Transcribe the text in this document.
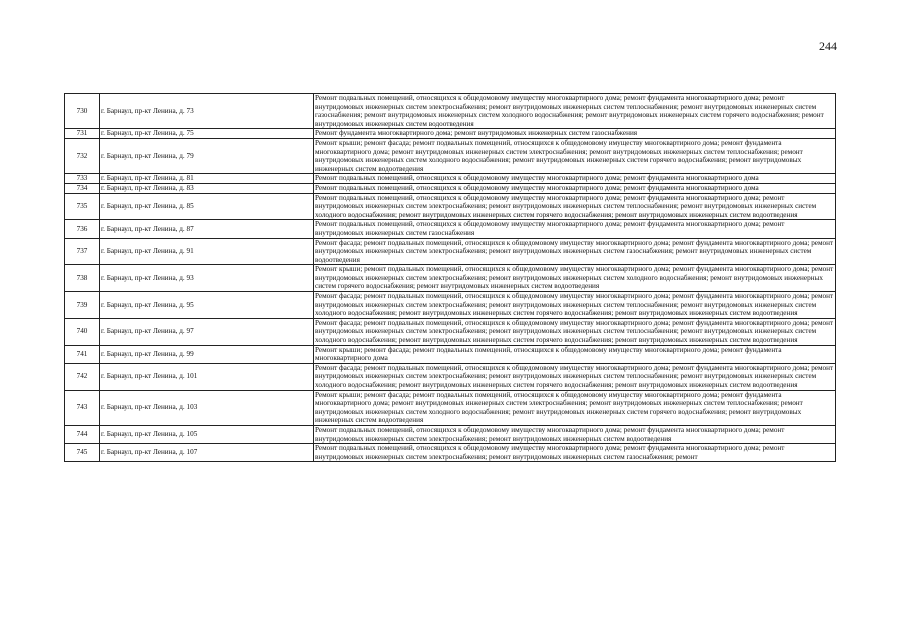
244
730	г. Барнаул, пр-кт Ленина, д. 73	Ремонт подвальных помещений, относящихся к общедомовому имуществу многоквартирного дома; ремонт фундамента многоквартирного дома; ремонт внутридомовых инженерных систем электроснабжения; ремонт внутридомовых инженерных систем теплоснабжения; ремонт внутридомовых инженерных систем газоснабжения; ремонт внутридомовых инженерных систем холодного водоснабжения; ремонт внутридомовых инженерных систем горячего водоснабжения; ремонт внутридомовых инженерных систем водоотведения
731	г. Барнаул, пр-кт Ленина, д. 75	Ремонт фундамента многоквартирного дома; ремонт внутридомовых инженерных систем газоснабжения
732	г. Барнаул, пр-кт Ленина, д. 79	Ремонт крыши; ремонт фасада; ремонт подвальных помещений, относящихся к общедомовому имуществу многоквартирного дома; ремонт фундамента многоквартирного дома; ремонт внутридомовых инженерных систем электроснабжения; ремонт внутридомовых инженерных систем теплоснабжения; ремонт внутридомовых инженерных систем холодного водоснабжения; ремонт внутридомовых инженерных систем горячего водоснабжения; ремонт внутридомовых инженерных систем водоотведения
733	г. Барнаул, пр-кт Ленина, д. 81	Ремонт подвальных помещений, относящихся к общедомовому имуществу многоквартирного дома; ремонт фундамента многоквартирного дома
734	г. Барнаул, пр-кт Ленина, д. 83	Ремонт подвальных помещений, относящихся к общедомовому имуществу многоквартирного дома; ремонт фундамента многоквартирного дома
735	г. Барнаул, пр-кт Ленина, д. 85	Ремонт подвальных помещений, относящихся к общедомовому имуществу многоквартирного дома; ремонт фундамента многоквартирного дома; ремонт внутридомовых инженерных систем электроснабжения; ремонт внутридомовых инженерных систем теплоснабжения; ремонт внутридомовых инженерных систем холодного водоснабжения; ремонт внутридомовых инженерных систем горячего водоснабжения; ремонт внутридомовых инженерных систем водоотведения
736	г. Барнаул, пр-кт Ленина, д. 87	Ремонт подвальных помещений, относящихся к общедомовому имуществу многоквартирного дома; ремонт фундамента многоквартирного дома; ремонт внутридомовых инженерных систем газоснабжения
737	г. Барнаул, пр-кт Ленина, д. 91	Ремонт фасада; ремонт подвальных помещений, относящихся к общедомовому имуществу многоквартирного дома; ремонт фундамента многоквартирного дома; ремонт внутридомовых инженерных систем электроснабжения; ремонт внутридомовых инженерных систем газоснабжения; ремонт внутридомовых инженерных систем водоотведения
738	г. Барнаул, пр-кт Ленина, д. 93	Ремонт крыши; ремонт подвальных помещений, относящихся к общедомовому имуществу многоквартирного дома; ремонт фундамента многоквартирного дома; ремонт внутридомовых инженерных систем электроснабжения; ремонт внутридомовых инженерных систем холодного водоснабжения; ремонт внутридомовых инженерных систем горячего водоснабжения; ремонт внутридомовых инженерных систем водоотведения
739	г. Барнаул, пр-кт Ленина, д. 95	Ремонт фасада; ремонт подвальных помещений, относящихся к общедомовому имуществу многоквартирного дома; ремонт фундамента многоквартирного дома; ремонт внутридомовых инженерных систем электроснабжения; ремонт внутридомовых инженерных систем теплоснабжения; ремонт внутридомовых инженерных систем холодного водоснабжения; ремонт внутридомовых инженерных систем горячего водоснабжения; ремонт внутридомовых инженерных систем водоотведения
740	г. Барнаул, пр-кт Ленина, д. 97	Ремонт фасада; ремонт подвальных помещений, относящихся к общедомовому имуществу многоквартирного дома; ремонт фундамента многоквартирного дома; ремонт внутридомовых инженерных систем электроснабжения; ремонт внутридомовых инженерных систем теплоснабжения; ремонт внутридомовых инженерных систем холодного водоснабжения; ремонт внутридомовых инженерных систем горячего водоснабжения; ремонт внутридомовых инженерных систем водоотведения
741	г. Барнаул, пр-кт Ленина, д. 99	Ремонт крыши; ремонт фасада; ремонт подвальных помещений, относящихся к общедомовому имуществу многоквартирного дома; ремонт фундамента многоквартирного дома
742	г. Барнаул, пр-кт Ленина, д. 101	Ремонт фасада; ремонт подвальных помещений, относящихся к общедомовому имуществу многоквартирного дома; ремонт фундамента многоквартирного дома; ремонт внутридомовых инженерных систем электроснабжения; ремонт внутридомовых инженерных систем теплоснабжения; ремонт внутридомовых инженерных систем холодного водоснабжения; ремонт внутридомовых инженерных систем горячего водоснабжения; ремонт внутридомовых инженерных систем водоотведения
743	г. Барнаул, пр-кт Ленина, д. 103	Ремонт крыши; ремонт фасада; ремонт подвальных помещений, относящихся к общедомовому имуществу многоквартирного дома; ремонт фундамента многоквартирного дома; ремонт внутридомовых инженерных систем электроснабжения; ремонт внутридомовых инженерных систем теплоснабжения; ремонт внутридомовых инженерных систем холодного водоснабжения; ремонт внутридомовых инженерных систем горячего водоснабжения; ремонт внутридомовых инженерных систем водоотведения
744	г. Барнаул, пр-кт Ленина, д. 105	Ремонт подвальных помещений, относящихся к общедомовому имуществу многоквартирного дома; ремонт фундамента многоквартирного дома; ремонт внутридомовых инженерных систем электроснабжения; ремонт внутридомовых инженерных систем водоотведения
745	г. Барнаул, пр-кт Ленина, д. 107	Ремонт подвальных помещений, относящихся к общедомовому имуществу многоквартирного дома; ремонт фундамента многоквартирного дома; ремонт внутридомовых инженерных систем электроснабжения; ремонт внутридомовых инженерных систем газоснабжения; ремонт
